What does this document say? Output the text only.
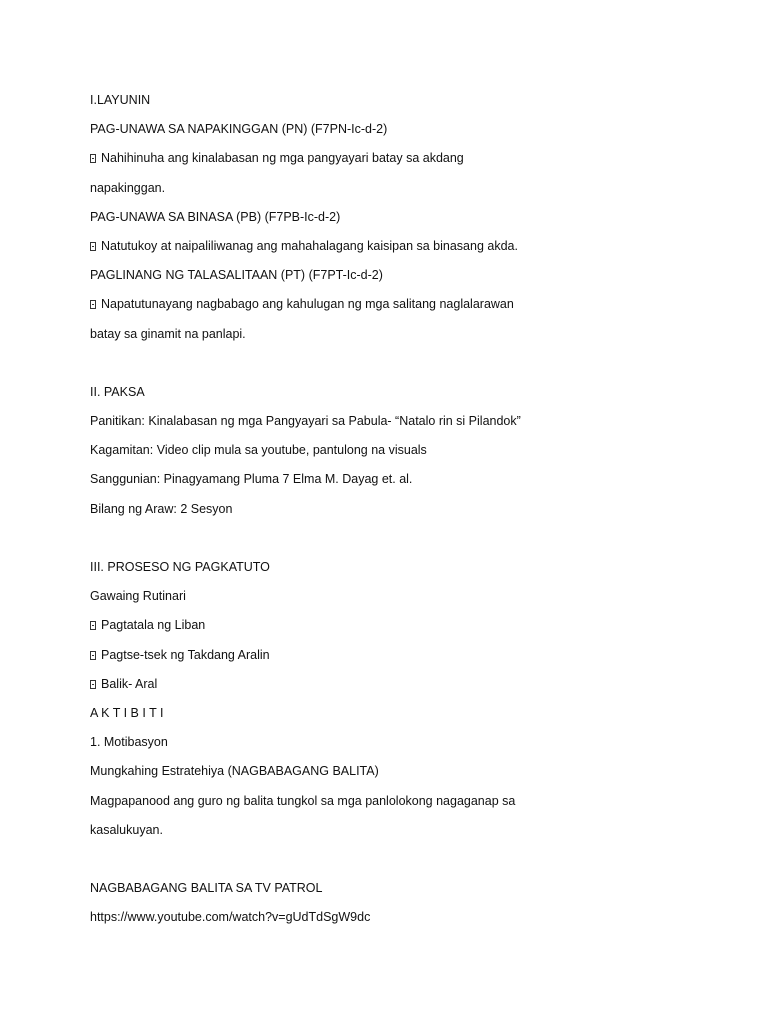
I.LAYUNIN
PAG-UNAWA SA NAPAKINGGAN (PN) (F7PN-Ic-d-2)
Nahihinuha ang kinalabasan ng mga pangyayari batay sa akdang
napakinggan.
PAG-UNAWA SA BINASA (PB) (F7PB-Ic-d-2)
Natutukoy at naipaliliwanag ang mahahalagang kaisipan sa binasang akda.
PAGLINANG NG TALASALITAAN (PT) (F7PT-Ic-d-2)
Napatutunayang nagbabago ang kahulugan ng mga salitang naglalarawan
batay sa ginamit na panlapi.
II. PAKSA
Panitikan: Kinalabasan ng mga Pangyayari sa Pabula- “Natalo rin si Pilandok”
Kagamitan: Video clip mula sa youtube, pantulong na visuals
Sanggunian: Pinagyamang Pluma 7 Elma M. Dayag et. al.
Bilang ng Araw: 2 Sesyon
III. PROSESO NG PAGKATUTO
Gawaing Rutinari
Pagtatala ng Liban
Pagtse-tsek ng Takdang Aralin
Balik- Aral
A K T I B I T I
1. Motibasyon
Mungkahing Estratehiya (NAGBABAGANG BALITA)
Magpapanood ang guro ng balita tungkol sa mga panlolokong nagaganap sa
kasalukuyan.
NAGBABAGANG BALITA SA TV PATROL
https://www.youtube.com/watch?v=gUdTdSgW9dc
